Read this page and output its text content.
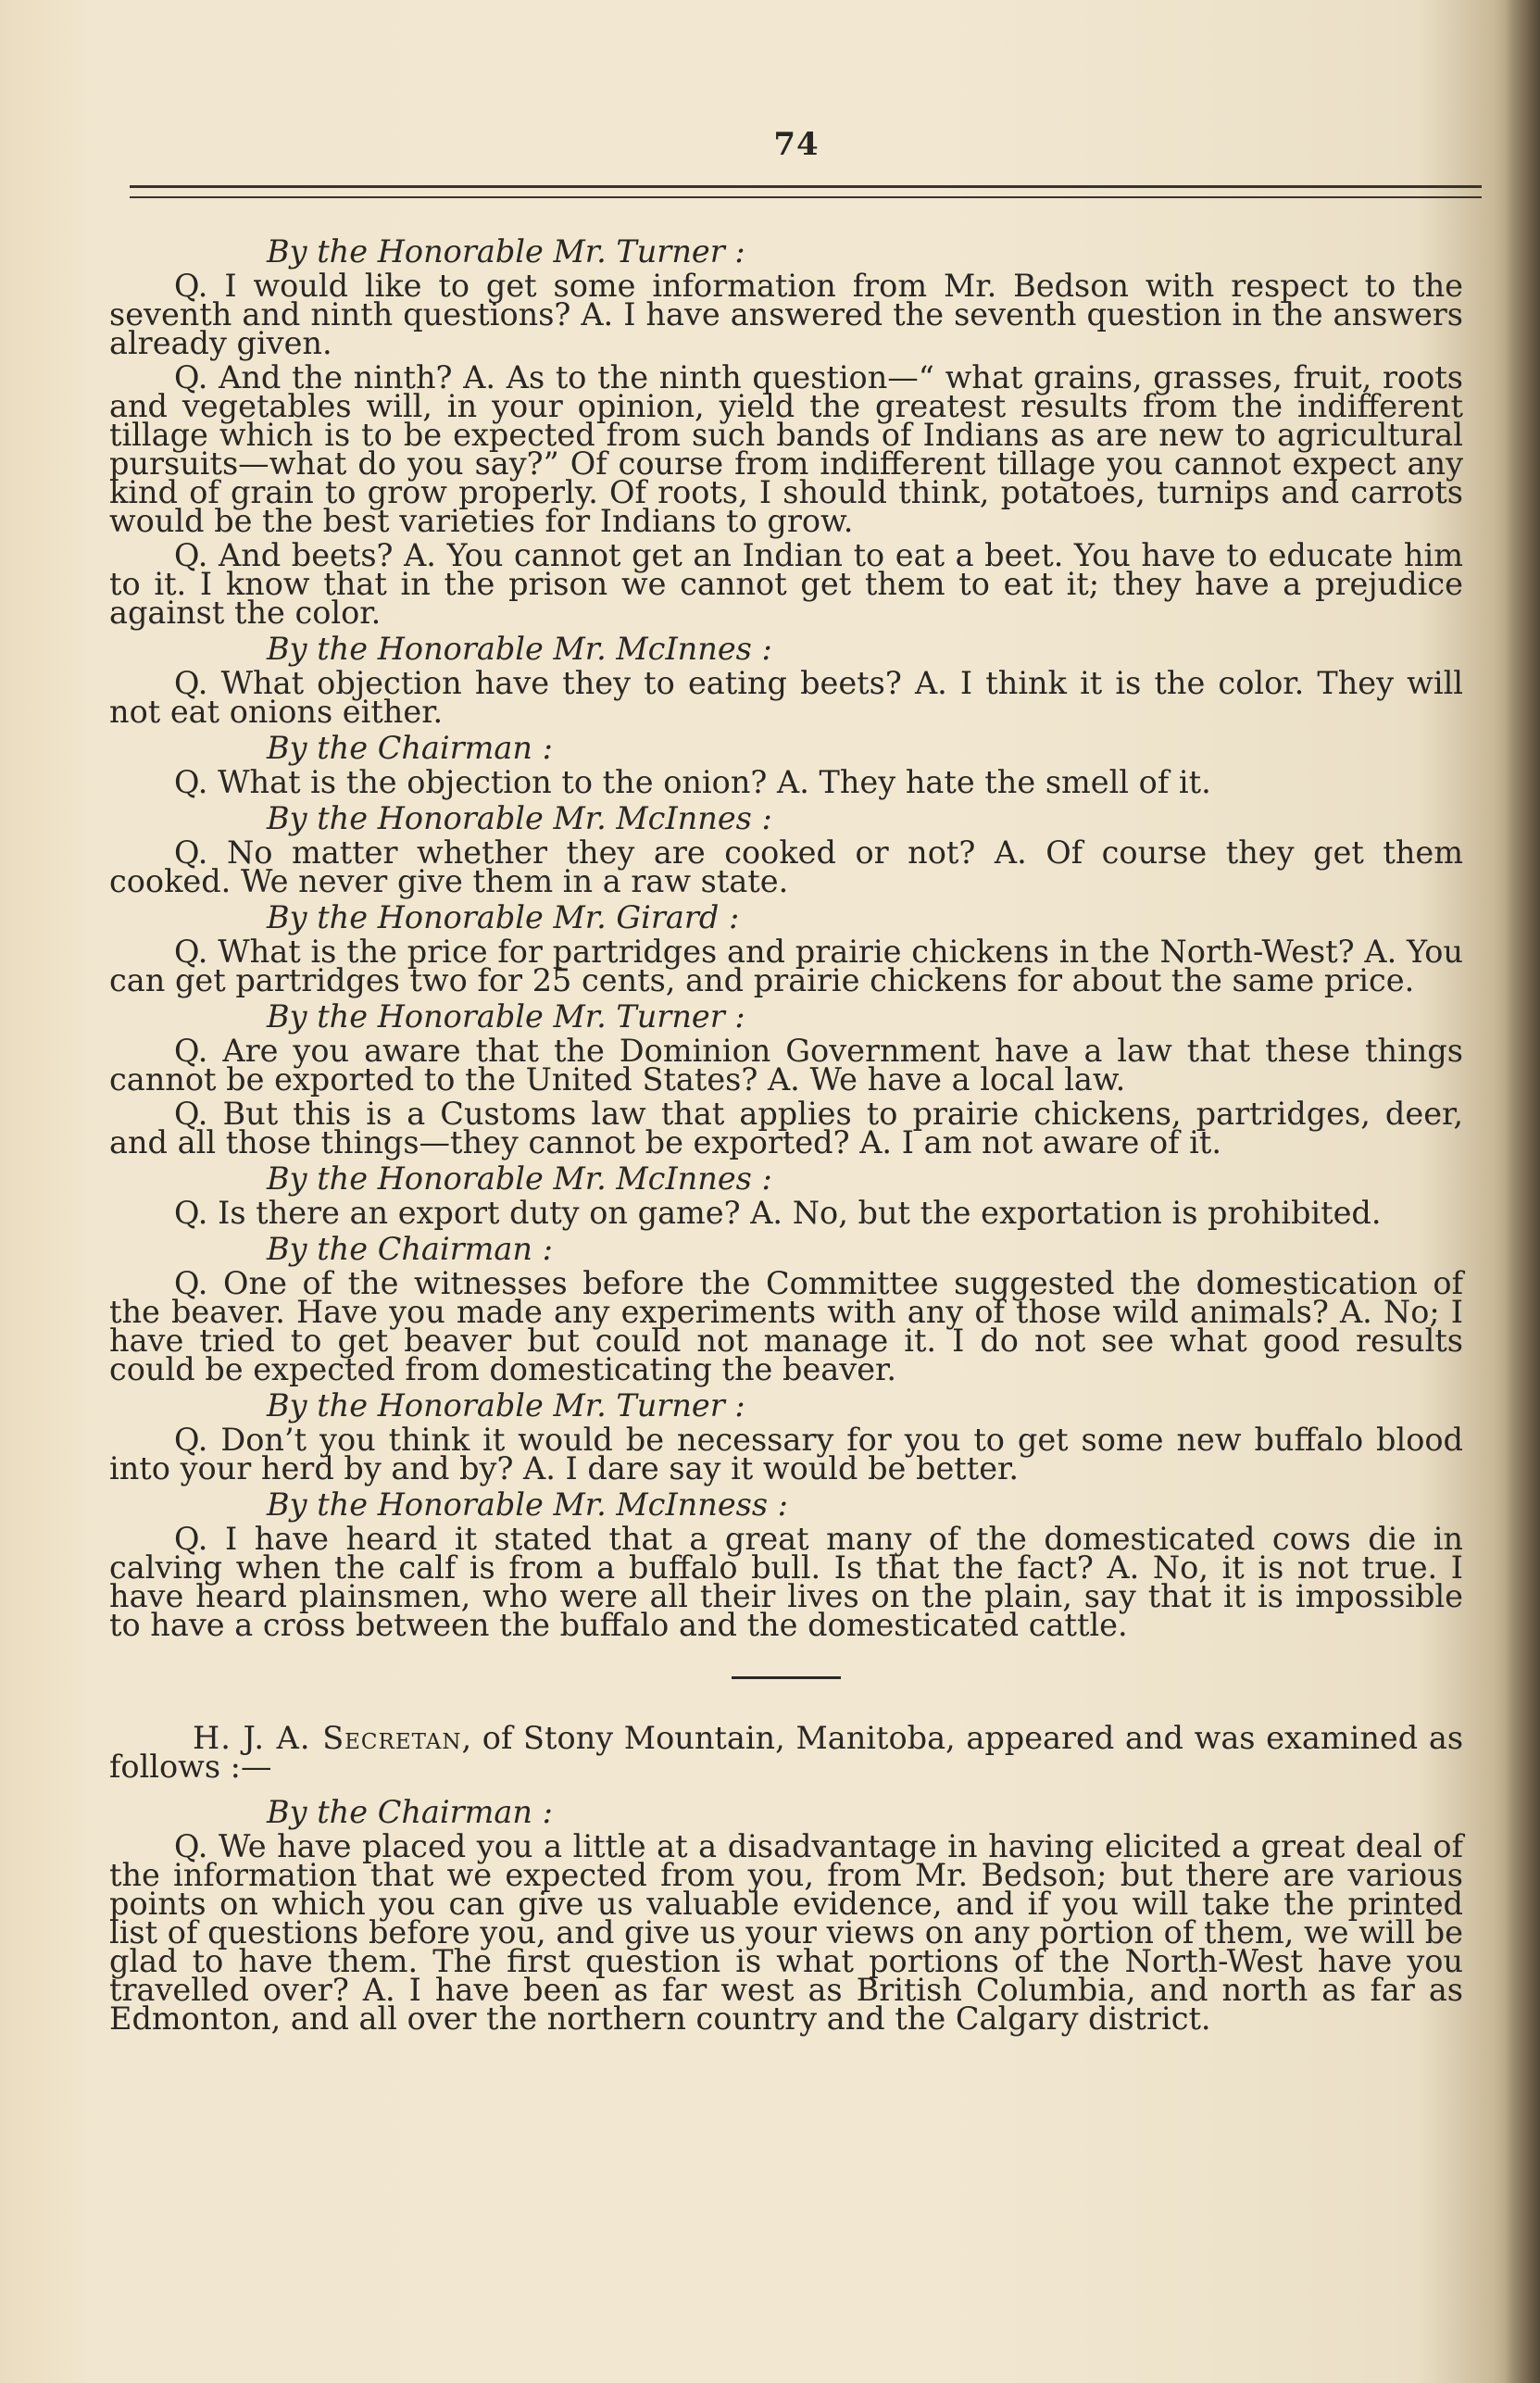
74
By the Honorable Mr. Turner :

Q. I would like to get some information from Mr. Bedson with respect to the seventh and ninth questions? A. I have answered the seventh question in the answers already given.

Q. And the ninth? A. As to the ninth question—“ what grains, grasses, fruit, roots and vegetables will, in your opinion, yield the greatest results from the indifferent tillage which is to be expected from such bands of Indians as are new to agricultural pursuits—what do you say?” Of course from indifferent tillage you cannot expect any kind of grain to grow properly. Of roots, I should think, potatoes, turnips and carrots would be the best varieties for Indians to grow.

Q. And beets? A. You cannot get an Indian to eat a beet. You have to educate him to it. I know that in the prison we cannot get them to eat it; they have a prejudice against the color.

By the Honorable Mr. McInnes :

Q. What objection have they to eating beets? A. I think it is the color. They will not eat onions either.

By the Chairman :

Q. What is the objection to the onion? A. They hate the smell of it.

By the Honorable Mr. McInnes :

Q. No matter whether they are cooked or not? A. Of course they get them cooked. We never give them in a raw state.

By the Honorable Mr. Girard :

Q. What is the price for partridges and prairie chickens in the North-West? A. You can get partridges two for 25 cents, and prairie chickens for about the same price.

By the Honorable Mr. Turner :

Q. Are you aware that the Dominion Government have a law that these things cannot be exported to the United States? A. We have a local law.

Q. But this is a Customs law that applies to prairie chickens, partridges, deer, and all those things—they cannot be exported? A. I am not aware of it.

By the Honorable Mr. McInnes :

Q. Is there an export duty on game? A. No, but the exportation is prohibited.

By the Chairman :

Q. One of the witnesses before the Committee suggested the domestication of the beaver. Have you made any experiments with any of those wild animals? A. No; I have tried to get beaver but could not manage it. I do not see what good results could be expected from domesticating the beaver.

By the Honorable Mr. Turner :

Q. Don’t you think it would be necessary for you to get some new buffalo blood into your herd by and by? A. I dare say it would be better.

By the Honorable Mr. McInness :

Q. I have heard it stated that a great many of the domesticated cows die in calving when the calf is from a buffalo bull. Is that the fact? A. No, it is not true. I have heard plainsmen, who were all their lives on the plain, say that it is impossible to have a cross between the buffalo and the domesticated cattle.

H. J. A. Secretan, of Stony Mountain, Manitoba, appeared and was examined as follows :—

By the Chairman :

Q. We have placed you a little at a disadvantage in having elicited a great deal of the information that we expected from you, from Mr. Bedson; but there are various points on which you can give us valuable evidence, and if you will take the printed list of questions before you, and give us your views on any portion of them, we will be glad to have them. The first question is what portions of the North-West have you travelled over? A. I have been as far west as British Columbia, and north as far as Edmonton, and all over the northern country and the Calgary district.
